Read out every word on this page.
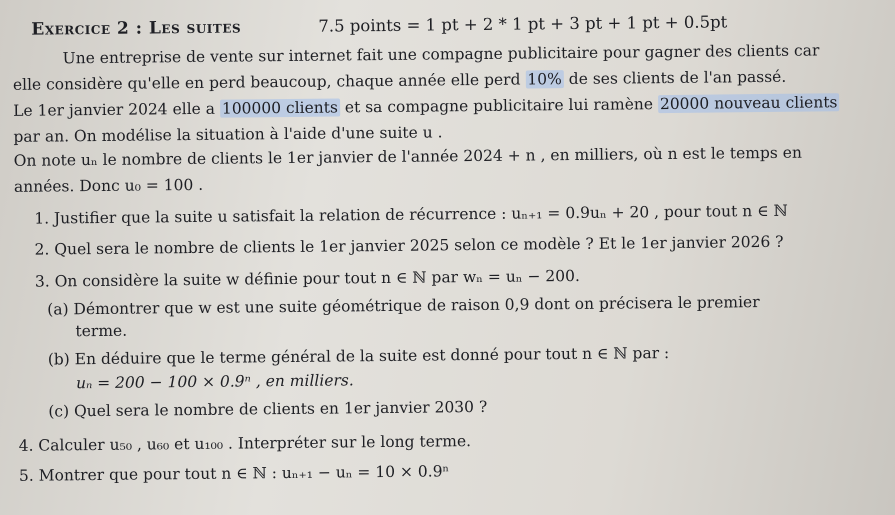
Exercice 2 : Les suites	7.5 points = 1 pt + 2 * 1 pt + 3 pt + 1 pt + 0.5pt
Une entreprise de vente sur internet fait une compagne publicitaire pour gagner des clients car
elle considère qu'elle en perd beaucoup, chaque année elle perd 10% de ses clients de l'an passé.
Le 1er janvier 2024 elle a 100000 clients et sa compagne publicitaire lui ramène 20000 nouveau clients
par an. On modélise la situation à l'aide d'une suite u .
On note uₙ le nombre de clients le 1er janvier de l'année 2024 + n , en milliers, où n est le temps en
années. Donc u₀ = 100 .
1. Justifier que la suite u satisfait la relation de récurrence : uₙ₊₁ = 0.9uₙ + 20 , pour tout n ∈ ℕ
2. Quel sera le nombre de clients le 1er janvier 2025 selon ce modèle ? Et le 1er janvier 2026 ?
3. On considère la suite w définie pour tout n ∈ ℕ par wₙ = uₙ − 200.
(a) Démontrer que w est une suite géométrique de raison 0,9 dont on précisera le premier
terme.
(b) En déduire que le terme général de la suite est donné pour tout n ∈ ℕ par :
uₙ = 200 − 100 × 0.9ⁿ , en milliers.
(c) Quel sera le nombre de clients en 1er janvier 2030 ?
4. Calculer u₅₀ , u₆₀ et u₁₀₀ . Interpréter sur le long terme.
5. Montrer que pour tout n ∈ ℕ : uₙ₊₁ − uₙ = 10 × 0.9ⁿ
